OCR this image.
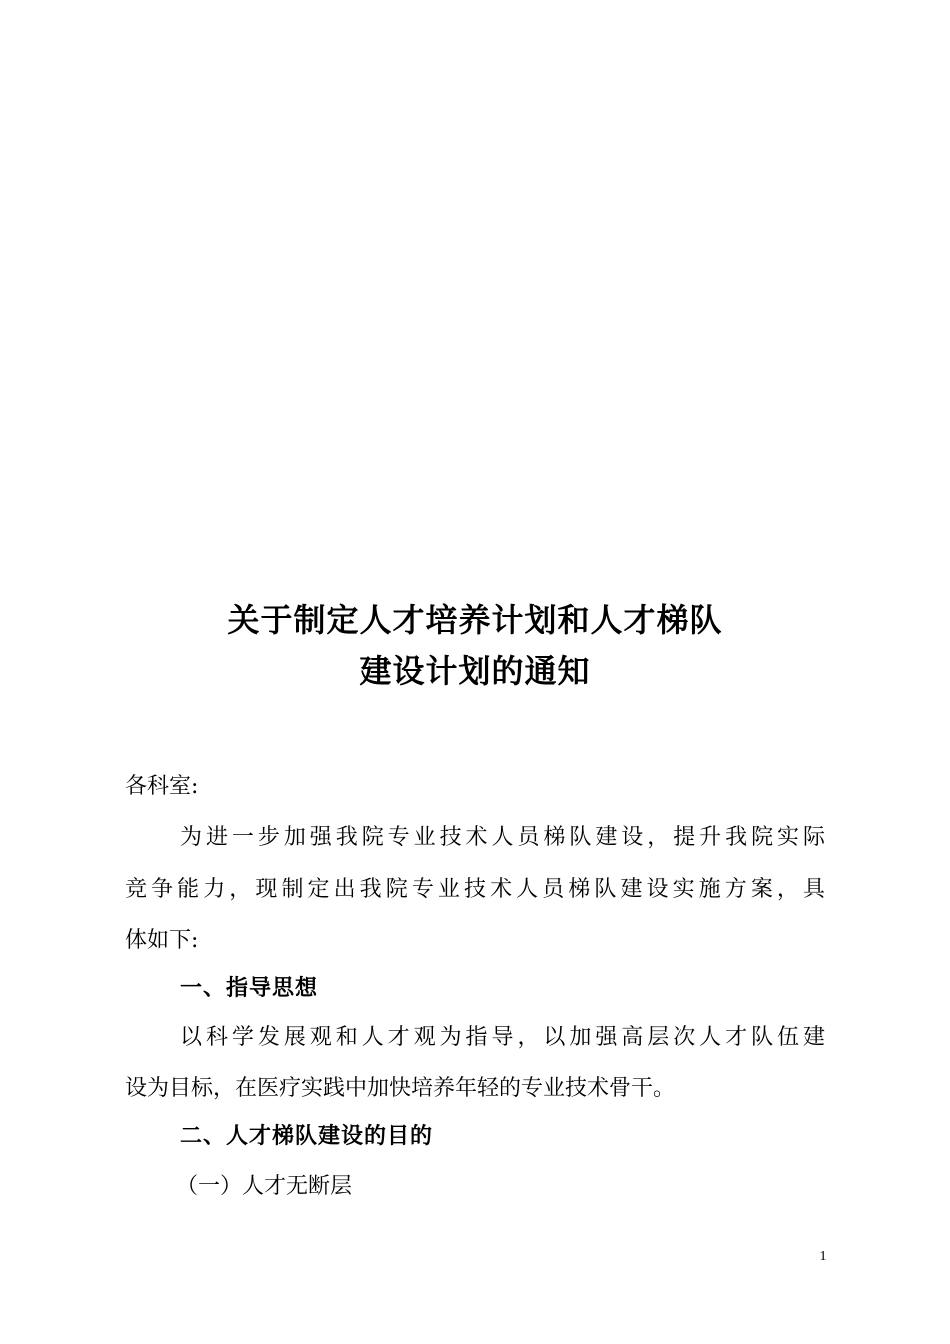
关于制定人才培养计划和人才梯队
建设计划的通知
各科室:
为进一步加强我院专业技术人员梯队建设，提升我院实际
竞争能力，现制定出我院专业技术人员梯队建设实施方案，具
体如下:
一、指导思想
以科学发展观和人才观为指导，以加强高层次人才队伍建
设为目标，在医疗实践中加快培养年轻的专业技术骨干。
二、人才梯队建设的目的
（一）人才无断层
1
